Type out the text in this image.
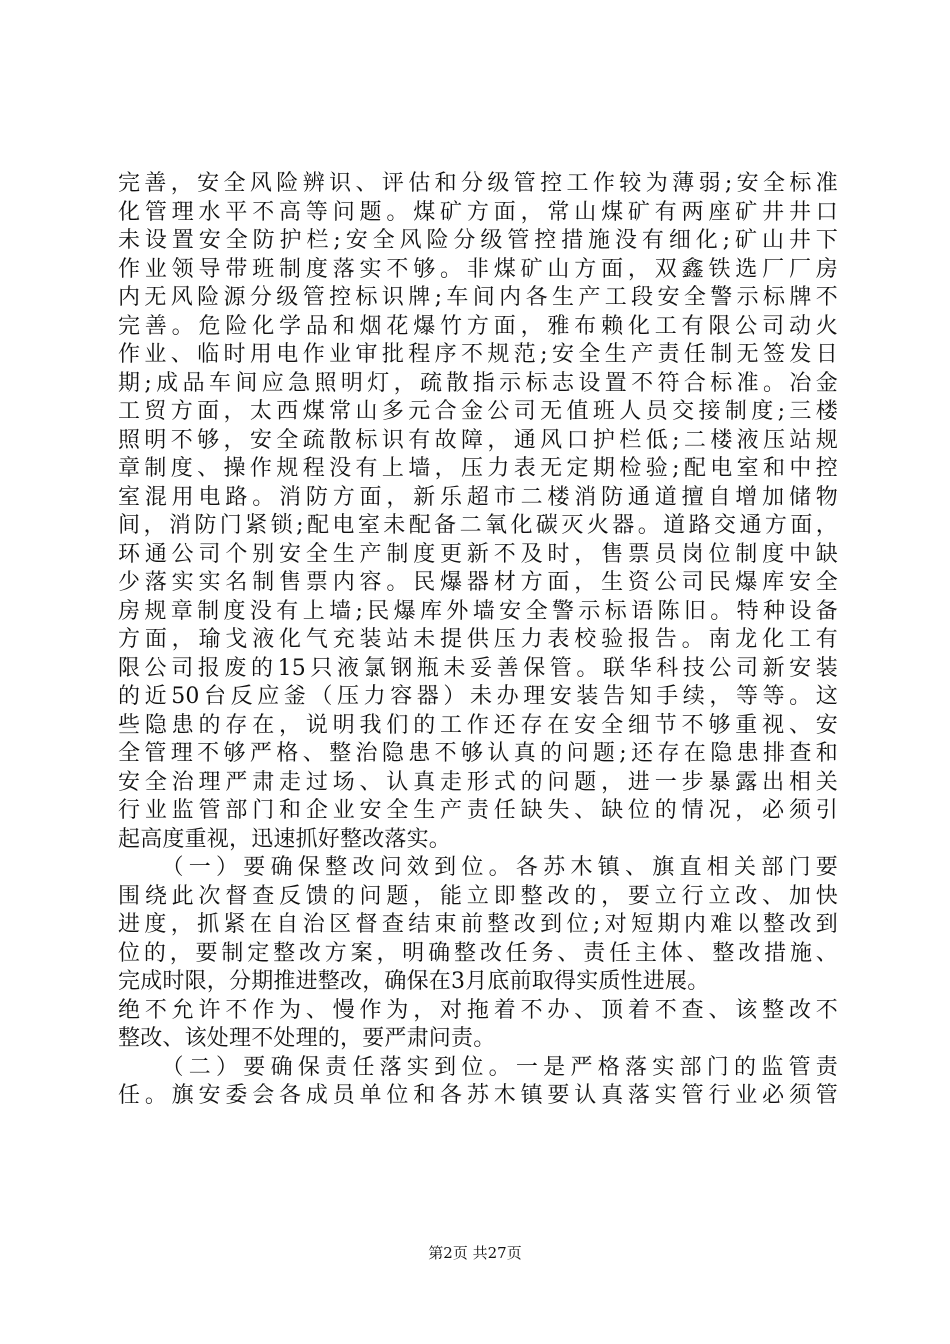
完善，安全风险辨识、评估和分级管控工作较为薄弱;安全标准
化管理水平不高等问题。煤矿方面，常山煤矿有两座矿井井口
未设置安全防护栏;安全风险分级管控措施没有细化;矿山井下
作业领导带班制度落实不够。非煤矿山方面，双鑫铁选厂厂房
内无风险源分级管控标识牌;车间内各生产工段安全警示标牌不
完善。危险化学品和烟花爆竹方面，雅布赖化工有限公司动火
作业、临时用电作业审批程序不规范;安全生产责任制无签发日
期;成品车间应急照明灯，疏散指示标志设置不符合标准。冶金
工贸方面，太西煤常山多元合金公司无值班人员交接制度;三楼
照明不够，安全疏散标识有故障，通风口护栏低;二楼液压站规
章制度、操作规程没有上墙，压力表无定期检验;配电室和中控
室混用电路。消防方面，新乐超市二楼消防通道擅自增加储物
间，消防门紧锁;配电室未配备二氧化碳灭火器。道路交通方面，
环通公司个别安全生产制度更新不及时，售票员岗位制度中缺
少落实实名制售票内容。民爆器材方面，生资公司民爆库安全
房规章制度没有上墙;民爆库外墙安全警示标语陈旧。特种设备
方面，瑜戈液化气充装站未提供压力表校验报告。南龙化工有
限公司报废的15只液氯钢瓶未妥善保管。联华科技公司新安装
的近50台反应釜（压力容器）未办理安装告知手续，等等。这
些隐患的存在，说明我们的工作还存在安全细节不够重视、安
全管理不够严格、整治隐患不够认真的问题;还存在隐患排查和
安全治理严肃走过场、认真走形式的问题，进一步暴露出相关
行业监管部门和企业安全生产责任缺失、缺位的情况，必须引
起高度重视，迅速抓好整改落实。
　　（一）要确保整改问效到位。各苏木镇、旗直相关部门要
围绕此次督查反馈的问题，能立即整改的，要立行立改、加快
进度，抓紧在自治区督查结束前整改到位;对短期内难以整改到
位的，要制定整改方案，明确整改任务、责任主体、整改措施、
完成时限，分期推进整改，确保在3月底前取得实质性进展。
绝不允许不作为、慢作为，对拖着不办、顶着不查、该整改不
整改、该处理不处理的，要严肃问责。
　　（二）要确保责任落实到位。一是严格落实部门的监管责
任。旗安委会各成员单位和各苏木镇要认真落实管行业必须管
第2页 共27页
